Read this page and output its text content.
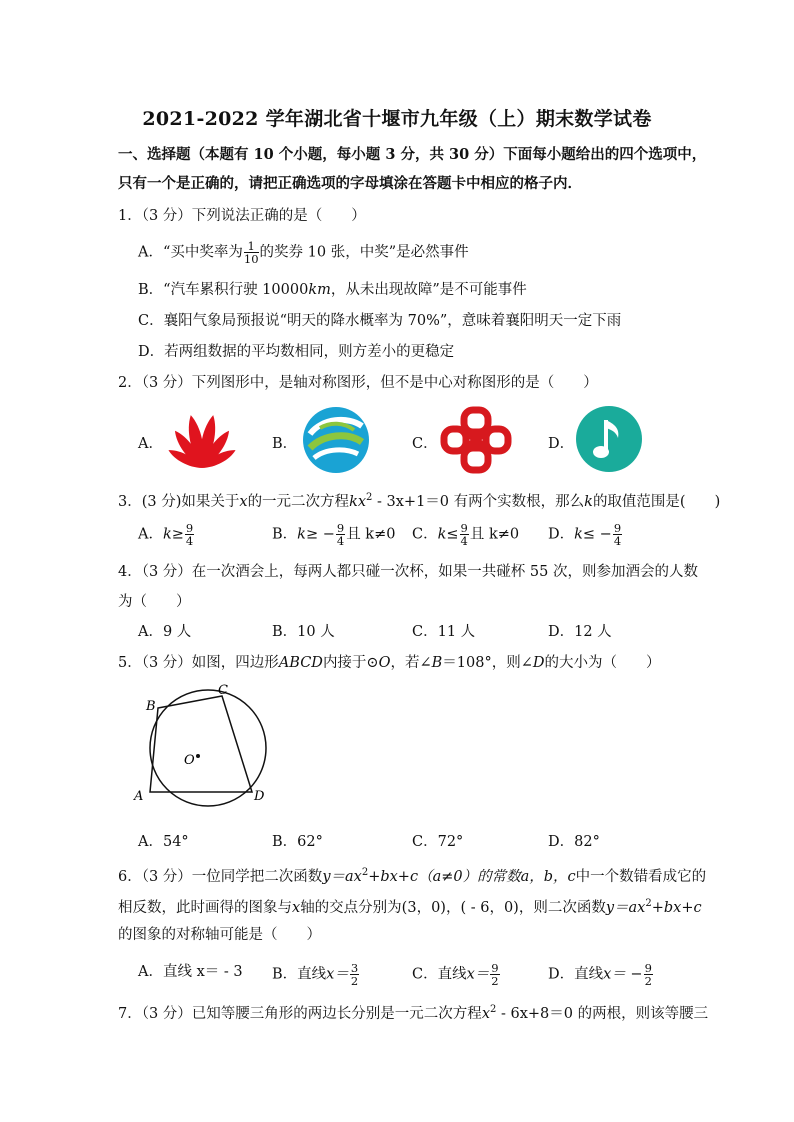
2021-2022 学年湖北省十堰市九年级（上）期末数学试卷
一、选择题（本题有 10 个小题，每小题 3 分，共 30 分）下面每小题给出的四个选项中，
只有一个是正确的，请把正确选项的字母填涂在答题卡中相应的格子内．
1．（3 分）下列说法正确的是（　　）
A．“买中奖率为 $\frac{1}{10}$ 的奖券 10 张，中奖”是必然事件
B．“汽车累积行驶 10000km，从未出现故障”是不可能事件
C．襄阳气象局预报说“明天的降水概率为 70%”，意味着襄阳明天一定下雨
D．若两组数据的平均数相同，则方差小的更稳定
2．（3 分）下列图形中，是轴对称图形，但不是中心对称图形的是（　　）
A．	B．	C．	D．
3．(3 分)如果关于x的一元二次方程$kx^2 - 3x+1=0$ 有两个实数根，那么k的取值范围是(　　)
A．$k\ge \frac{9}{4}$	B．$k\ge - \frac{9}{4}$ 且 k≠0 C．$k\le \frac{9}{4}$ 且 k≠0 D．$k\le - \frac{9}{4}$
4．（3 分）在一次酒会上，每两人都只碰一次杯，如果一共碰杯 55 次，则参加酒会的人数
为（　　）
A．9 人	B．10 人	C．11 人	D．12 人
5．（3 分）如图，四边形ABCD内接于⊙O，若∠B＝108°，则∠D的大小为（　　）
B
C
A	D
O
A．54°	B．62°	C．72°	D．82°
6．（3 分）一位同学把二次函数$y=ax^2+bx+c(a\ne 0)$的常数a，b，c中一个数错看成它的
相反数，此时画得的图象与x轴的交点分别为(3，0)，( - 6，0)，则二次函数$y=ax^2+bx+c$
的图象的对称轴可能是（　　）
A．直线 x＝ - 3 B．直线$x= \frac{3}{2}$	C．直线$x= \frac{9}{2}$	D．直线$x= - \frac{9}{2}$
7．（3 分）已知等腰三角形的两边长分别是一元二次方程$x^2 - 6x+8=0$ 的两根，则该等腰三
